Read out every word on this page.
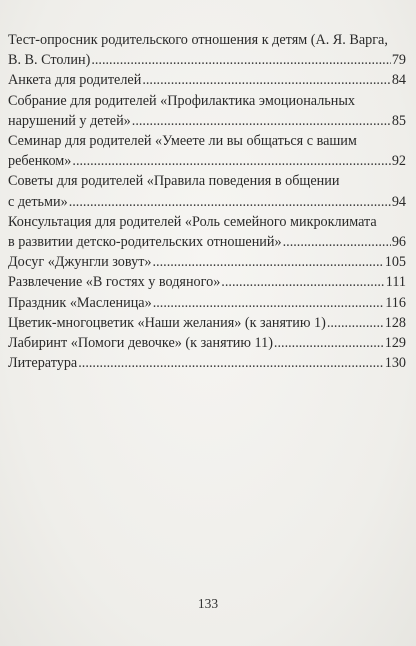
Тест-опросник родительского отношения к детям (А. Я. Варга,
В. В. Столин) .....	79
Анкета для родителей .....	84
Собрание для родителей «Профилактика эмоциональных
нарушений у детей» .....	85
Семинар для родителей «Умеете ли вы общаться с вашим
ребенком» .....	92
Советы для родителей «Правила поведения в общении
с детьми» .....	94
Консультация для родителей «Роль семейного микроклимата
в развитии детско-родительских отношений» .....	96
Досуг «Джунгли зовут» .....	105
Развлечение «В гостях у водяного» .....	111
Праздник «Масленица» .....	116
Цветик-многоцветик «Наши желания» (к занятию 1) .....	128
Лабиринт «Помоги девочке» (к занятию 11) .....	129
Литература .....	130
133
